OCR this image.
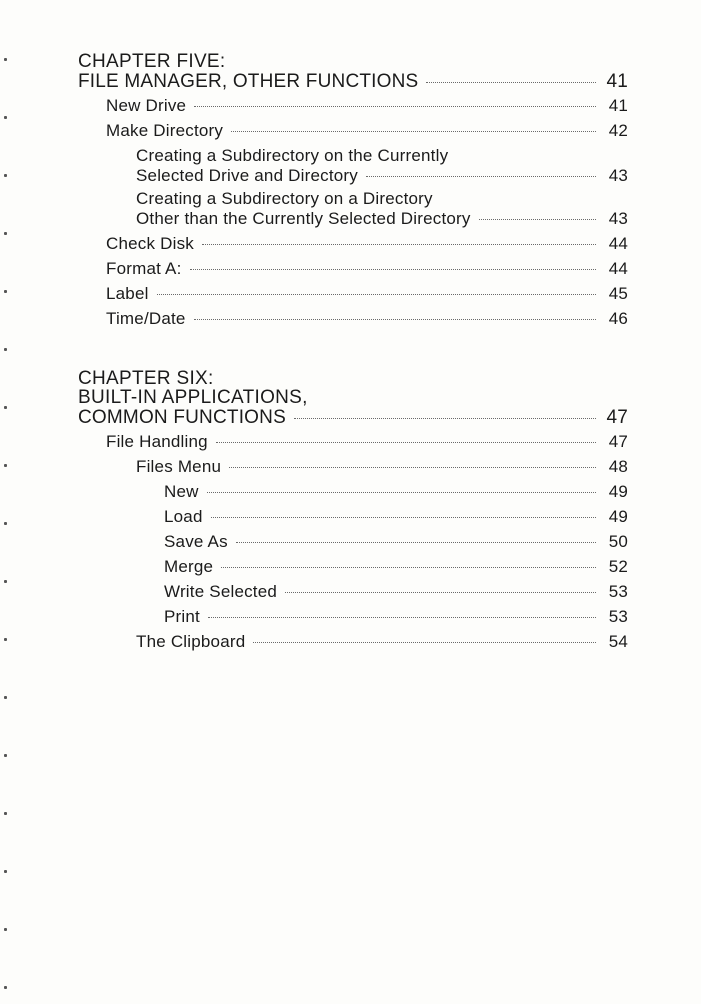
CHAPTER FIVE:
FILE MANAGER, OTHER FUNCTIONS	41
New Drive	41
Make Directory	42
Creating a Subdirectory on the Currently
Selected Drive and Directory	43
Creating a Subdirectory on a Directory
Other than the Currently Selected Directory	43
Check Disk	44
Format A:	44
Label	45
Time/Date	46
CHAPTER SIX:
BUILT-IN APPLICATIONS,
COMMON FUNCTIONS	47
File Handling	47
Files Menu	48
New	49
Load	49
Save As	50
Merge	52
Write Selected	53
Print	53
The Clipboard	54
